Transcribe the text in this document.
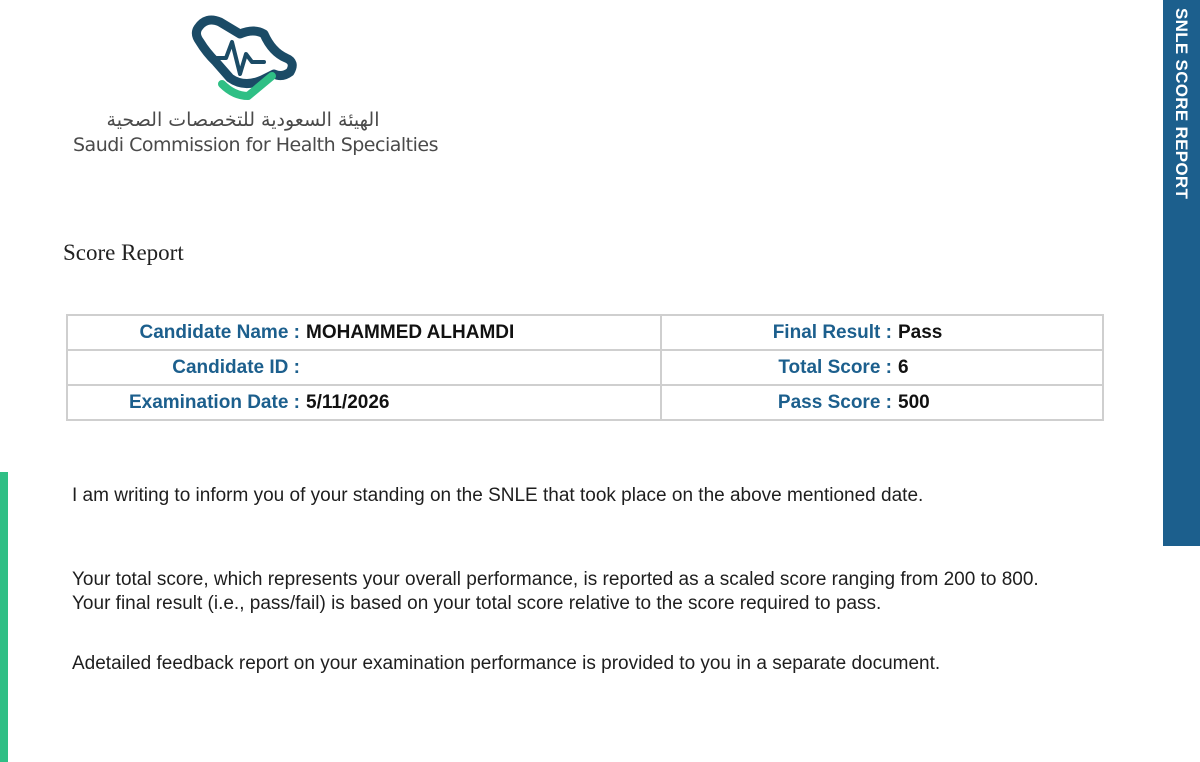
الهيئة السعودية للتخصصات الصحية
Saudi Commission for Health Specialties
Score Report
Candidate Name : MOHAMMED ALHAMDI	Final Result : Pass
Candidate ID :	Total Score : 6
Examination Date : 5/11/2026	Pass Score : 500
I am writing to inform you of your standing on the SNLE that took place on the above mentioned date.
Your total score, which represents your overall performance, is reported as a scaled score ranging from 200 to 800. Your final result (i.e., pass/fail) is based on your total score relative to the score required to pass.
Adetailed feedback report on your examination performance is provided to you in a separate document.
SNLE SCORE REPORT
